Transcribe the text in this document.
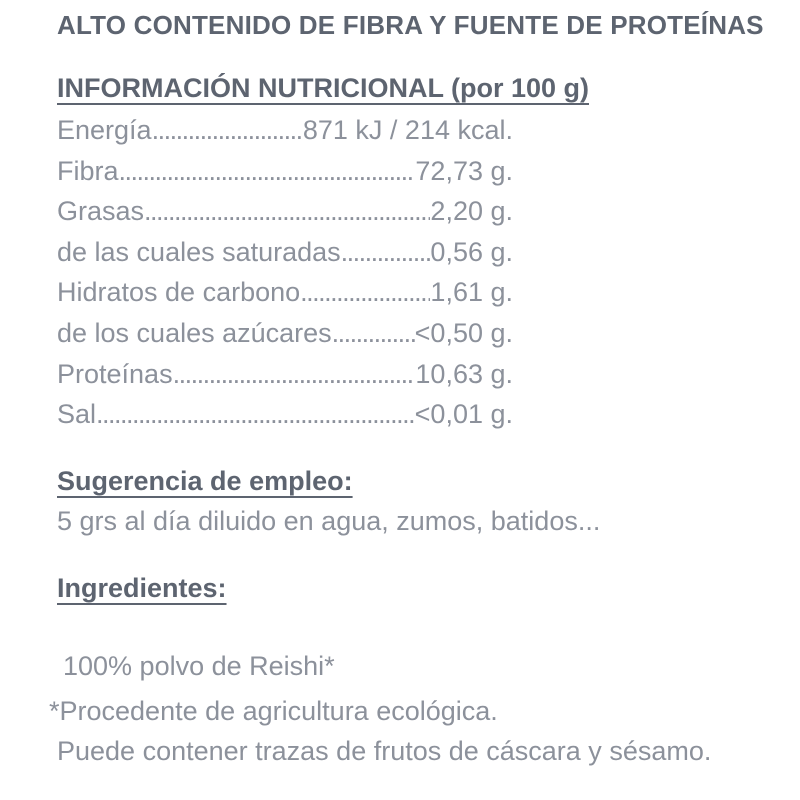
ALTO CONTENIDO DE FIBRA Y FUENTE DE PROTEÍNAS
INFORMACIÓN NUTRICIONAL (por 100 g)
Energía .....	871 kJ / 214 kcal.
Fibra .....	72,73 g.
Grasas .....	2,20 g.
de las cuales saturadas .....	0,56 g.
Hidratos de carbono .....	1,61 g.
de los cuales azúcares .....	<0,50 g.
Proteínas .....	10,63 g.
Sal .....	<0,01 g.
Sugerencia de empleo:

5 grs al día diluido en agua, zumos, batidos...

Ingredientes:

100% polvo de Reishi*

*Procedente de agricultura ecológica.

Puede contener trazas de frutos de cáscara y sésamo.
